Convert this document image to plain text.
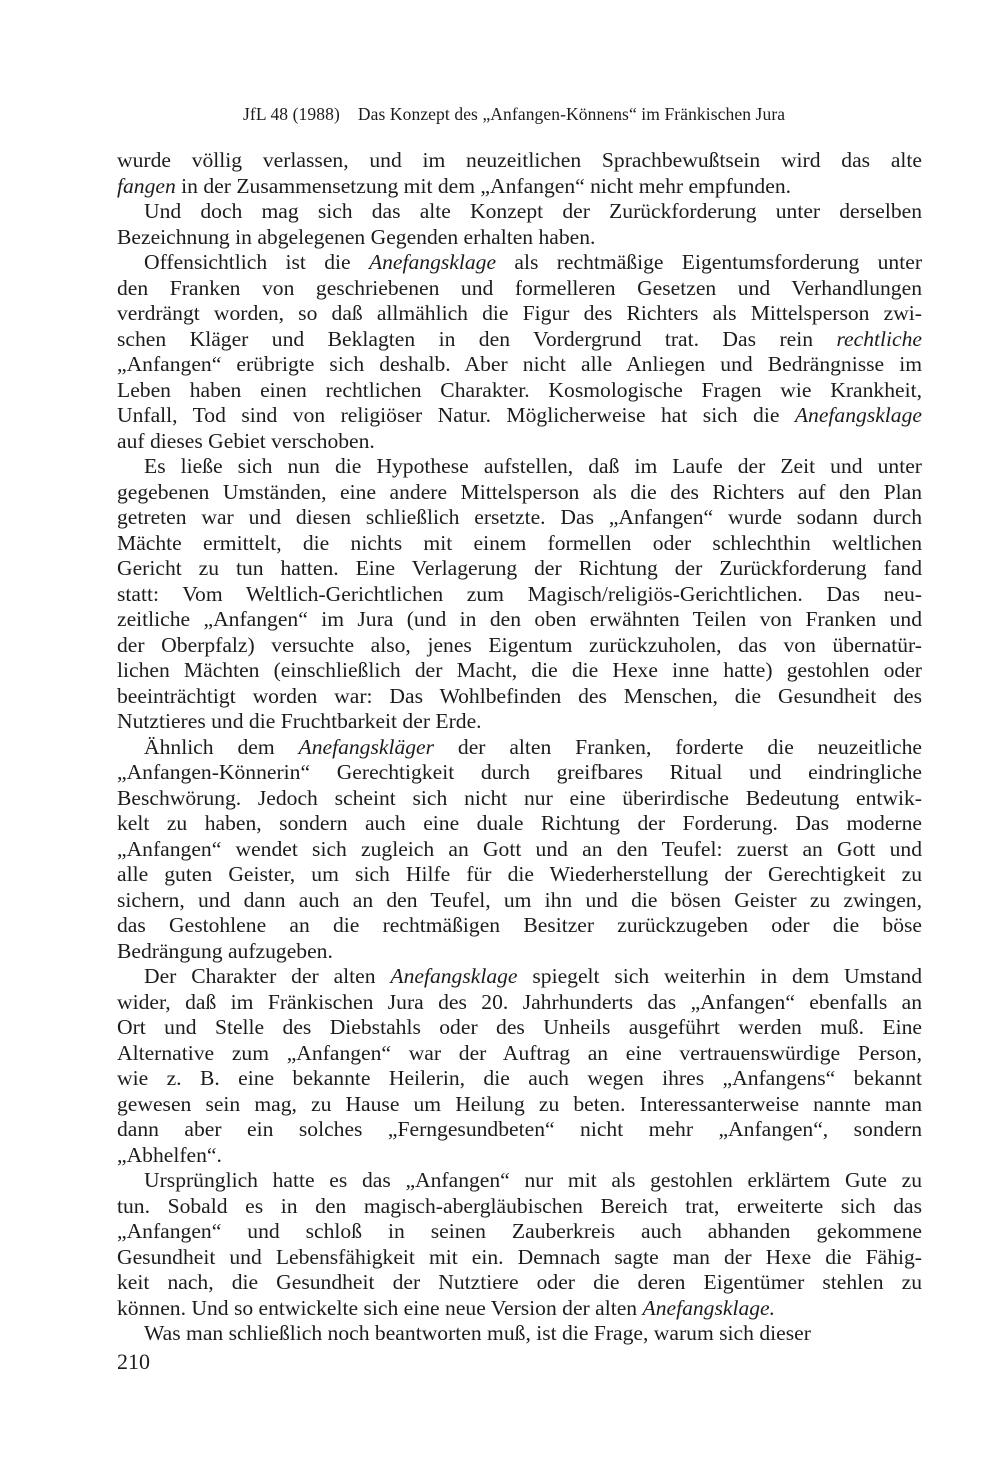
JfL 48 (1988) Das Konzept des „Anfangen-Könnens“ im Fränkischen Jura
wurde völlig verlassen, und im neuzeitlichen Sprachbewußtsein wird das alte
fangen in der Zusammensetzung mit dem „Anfangen“ nicht mehr empfunden.
Und doch mag sich das alte Konzept der Zurückforderung unter derselben
Bezeichnung in abgelegenen Gegenden erhalten haben.
Offensichtlich ist die Anefangsklage als rechtmäßige Eigentumsforderung unter
den Franken von geschriebenen und formelleren Gesetzen und Verhandlungen
verdrängt worden, so daß allmählich die Figur des Richters als Mittelsperson zwi-
schen Kläger und Beklagten in den Vordergrund trat. Das rein rechtliche
„Anfangen“ erübrigte sich deshalb. Aber nicht alle Anliegen und Bedrängnisse im
Leben haben einen rechtlichen Charakter. Kosmologische Fragen wie Krankheit,
Unfall, Tod sind von religiöser Natur. Möglicherweise hat sich die Anefangsklage
auf dieses Gebiet verschoben.
Es ließe sich nun die Hypothese aufstellen, daß im Laufe der Zeit und unter
gegebenen Umständen, eine andere Mittelsperson als die des Richters auf den Plan
getreten war und diesen schließlich ersetzte. Das „Anfangen“ wurde sodann durch
Mächte ermittelt, die nichts mit einem formellen oder schlechthin weltlichen
Gericht zu tun hatten. Eine Verlagerung der Richtung der Zurückforderung fand
statt: Vom Weltlich-Gerichtlichen zum Magisch/religiös-Gerichtlichen. Das neu-
zeitliche „Anfangen“ im Jura (und in den oben erwähnten Teilen von Franken und
der Oberpfalz) versuchte also, jenes Eigentum zurückzuholen, das von übernatür-
lichen Mächten (einschließlich der Macht, die die Hexe inne hatte) gestohlen oder
beeinträchtigt worden war: Das Wohlbefinden des Menschen, die Gesundheit des
Nutztieres und die Fruchtbarkeit der Erde.
Ähnlich dem Anefangskläger der alten Franken, forderte die neuzeitliche
„Anfangen-Könnerin“ Gerechtigkeit durch greifbares Ritual und eindringliche
Beschwörung. Jedoch scheint sich nicht nur eine überirdische Bedeutung entwik-
kelt zu haben, sondern auch eine duale Richtung der Forderung. Das moderne
„Anfangen“ wendet sich zugleich an Gott und an den Teufel: zuerst an Gott und
alle guten Geister, um sich Hilfe für die Wiederherstellung der Gerechtigkeit zu
sichern, und dann auch an den Teufel, um ihn und die bösen Geister zu zwingen,
das Gestohlene an die rechtmäßigen Besitzer zurückzugeben oder die böse
Bedrängung aufzugeben.
Der Charakter der alten Anefangsklage spiegelt sich weiterhin in dem Umstand
wider, daß im Fränkischen Jura des 20. Jahrhunderts das „Anfangen“ ebenfalls an
Ort und Stelle des Diebstahls oder des Unheils ausgeführt werden muß. Eine
Alternative zum „Anfangen“ war der Auftrag an eine vertrauenswürdige Person,
wie z. B. eine bekannte Heilerin, die auch wegen ihres „Anfangens“ bekannt
gewesen sein mag, zu Hause um Heilung zu beten. Interessanterweise nannte man
dann aber ein solches „Ferngesundbeten“ nicht mehr „Anfangen“, sondern
„Abhelfen“.
Ursprünglich hatte es das „Anfangen“ nur mit als gestohlen erklärtem Gute zu
tun. Sobald es in den magisch-abergläubischen Bereich trat, erweiterte sich das
„Anfangen“ und schloß in seinen Zauberkreis auch abhanden gekommene
Gesundheit und Lebensfähigkeit mit ein. Demnach sagte man der Hexe die Fähig-
keit nach, die Gesundheit der Nutztiere oder die deren Eigentümer stehlen zu
können. Und so entwickelte sich eine neue Version der alten Anefangsklage.
Was man schließlich noch beantworten muß, ist die Frage, warum sich dieser
210
